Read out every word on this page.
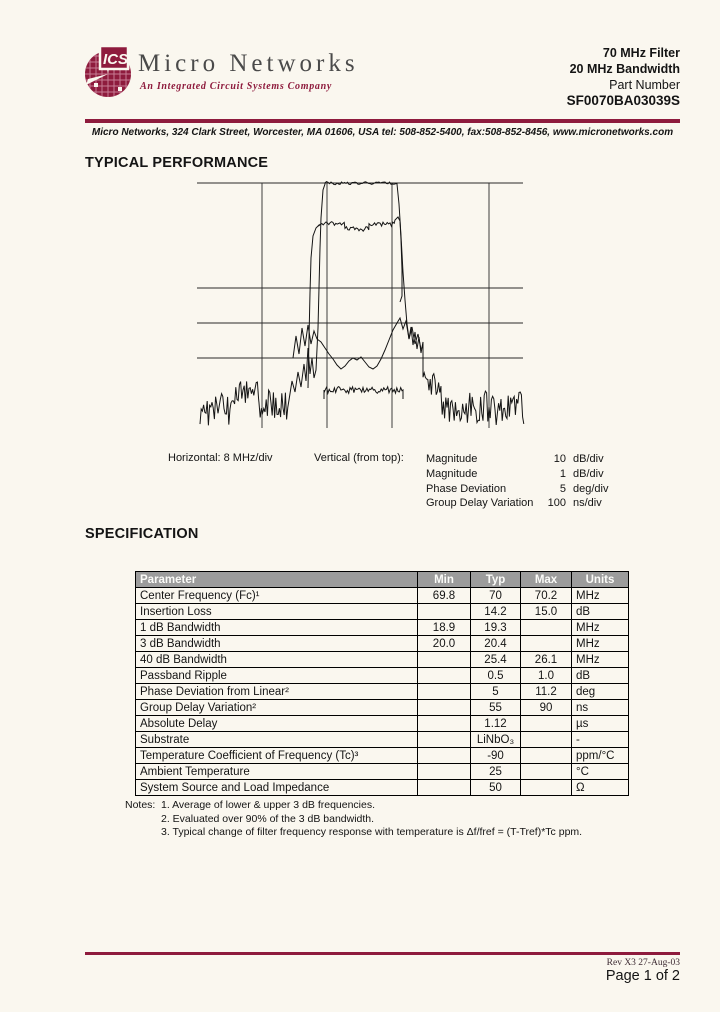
ICS Micro Networks
An Integrated Circuit Systems Company
70 MHz Filter
20 MHz Bandwidth
Part Number
SF0070BA03039S
Micro Networks, 324 Clark Street, Worcester, MA 01606, USA tel: 508-852-5400, fax:508-852-8456, www.micronetworks.com
TYPICAL PERFORMANCE
Horizontal: 8 MHz/div	Vertical (from top): Magnitude	10 dB/div
Magnitude	1 dB/div
Phase Deviation	5 deg/div
Group Delay Variation	100 ns/div
SPECIFICATION
Parameter	Min	Typ	Max	Units
Center Frequency (Fc)¹	69.8	70	70.2	MHz
Insertion Loss		14.2	15.0	dB
1 dB Bandwidth	18.9	19.3		MHz
3 dB Bandwidth	20.0	20.4		MHz
40 dB Bandwidth		25.4	26.1	MHz
Passband Ripple		0.5	1.0	dB
Phase Deviation from Linear²		5	11.2	deg
Group Delay Variation²		55	90	ns
Absolute Delay		1.12		µs
Substrate		LiNbO₃		-
Temperature Coefficient of Frequency (Tc)³		-90		ppm/°C
Ambient Temperature		25		°C
System Source and Load Impedance		50		Ω
Notes: 1. Average of lower & upper 3 dB frequencies.
2. Evaluated over 90% of the 3 dB bandwidth.
3. Typical change of filter frequency response with temperature is Δf/fref = (T-Tref)*Tc ppm.
Rev X3 27-Aug-03
Page 1 of 2
